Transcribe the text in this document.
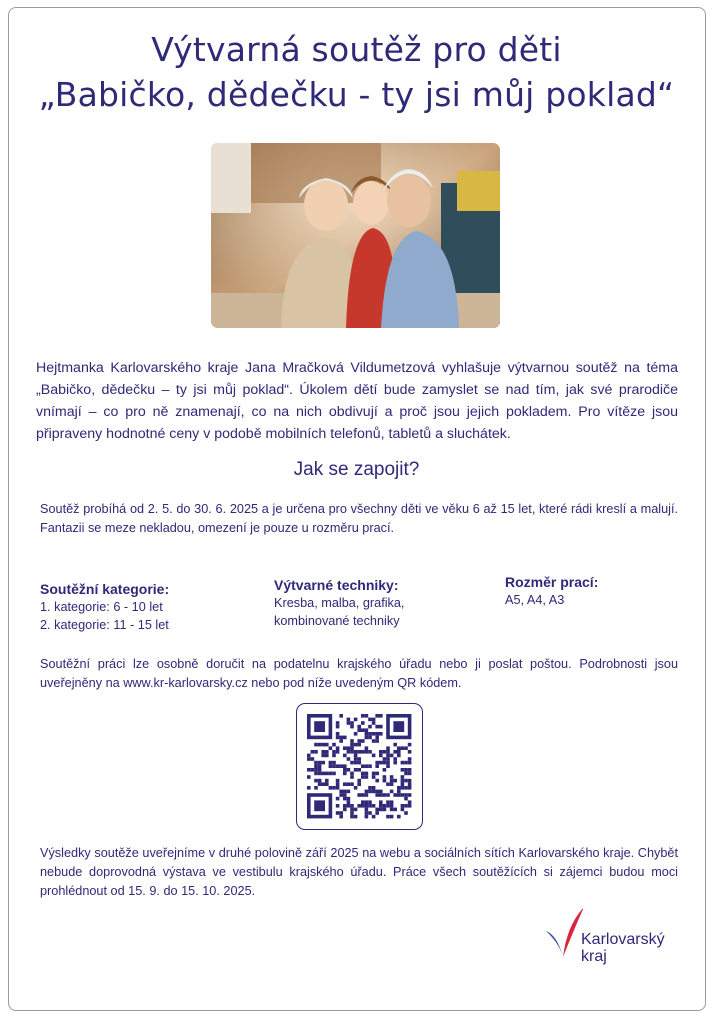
Výtvarná soutěž pro děti
„Babičko, dědečku - ty jsi můj poklad“
Hejtmanka Karlovarského kraje Jana Mračková Vildumetzová vyhlašuje výtvarnou soutěž na téma „Babičko, dědečku – ty jsi můj poklad“. Úkolem dětí bude zamyslet se nad tím, jak své prarodiče vnímají – co pro ně znamenají, co na nich obdivují a proč jsou jejich pokladem. Pro vítěze jsou připraveny hodnotné ceny v podobě mobilních telefonů, tabletů a sluchátek.
Jak se zapojit?
Soutěž probíhá od 2. 5. do 30. 6. 2025 a je určena pro všechny děti ve věku 6 až 15 let, které rádi kreslí a malují. Fantazii se meze nekladou, omezení je pouze u rozměru prací.
Soutěžní kategorie:
1. kategorie: 6 - 10 let
2. kategorie: 11 - 15 let
Výtvarné techniky:
Kresba, malba, grafika,
kombinované techniky
Rozměr prací:
A5, A4, A3
Soutěžní práci lze osobně doručit na podatelnu krajského úřadu nebo ji poslat poštou. Podrobnosti jsou uveřejněny na www.kr-karlovarsky.cz nebo pod níže uvedeným QR kódem.
Výsledky soutěže uveřejníme v druhé polovině září 2025 na webu a sociálních sítích Karlovarského kraje. Chybět nebude doprovodná výstava ve vestibulu krajského úřadu. Práce všech soutěžících si zájemci budou moci prohlédnout od 15. 9. do 15. 10. 2025.
Karlovarský
kraj
